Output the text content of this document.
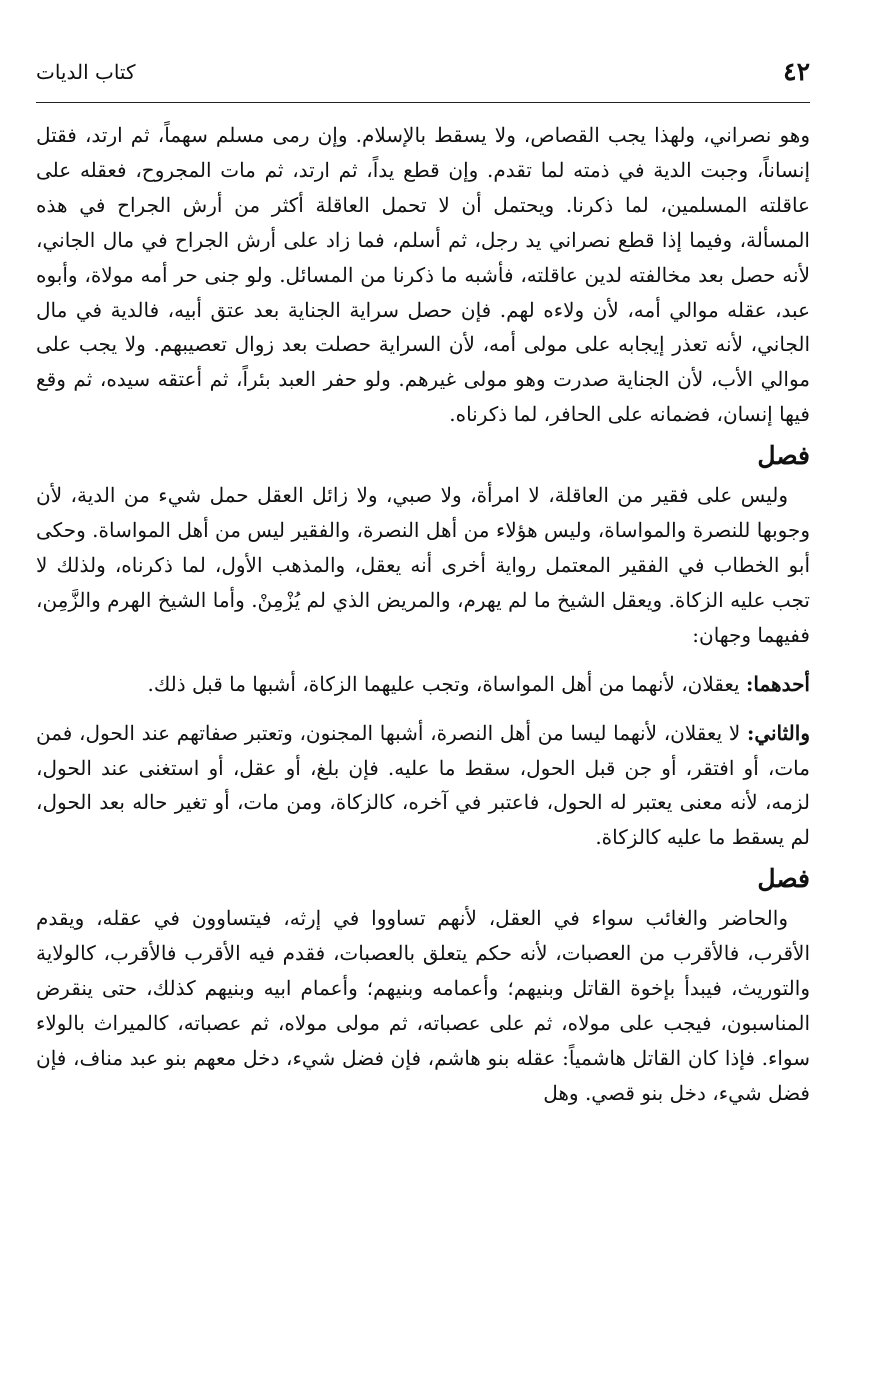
٤٢
كتاب الديات

وهو نصراني، ولهذا يجب القصاص، ولا يسقط بالإسلام. وإن رمى مسلم سهماً، ثم ارتد، فقتل إنساناً، وجبت الدية في ذمته لما تقدم. وإن قطع يداً، ثم ارتد، ثم مات المجروح، فعقله على عاقلته المسلمين، لما ذكرنا. ويحتمل أن لا تحمل العاقلة أكثر من أرش الجراح في هذه المسألة، وفيما إذا قطع نصراني يد رجل، ثم أسلم، فما زاد على أرش الجراح في مال الجاني، لأنه حصل بعد مخالفته لدين عاقلته، فأشبه ما ذكرنا من المسائل. ولو جنى حر أمه مولاة، وأبوه عبد، عقله موالي أمه، لأن ولاءه لهم. فإن حصل سراية الجناية بعد عتق أبيه، فالدية في مال الجاني، لأنه تعذر إيجابه على مولى أمه، لأن السراية حصلت بعد زوال تعصيبهم. ولا يجب على موالي الأب، لأن الجناية صدرت وهو مولى غيرهم. ولو حفر العبد بئراً، ثم أعتقه سيده، ثم وقع فيها إنسان، فضمانه على الحافر، لما ذكرناه.

فصل

وليس على فقير من العاقلة، لا امرأة، ولا صبي، ولا زائل العقل حمل شيء من الدية، لأن وجوبها للنصرة والمواساة، وليس هؤلاء من أهل النصرة، والفقير ليس من أهل المواساة. وحكى أبو الخطاب في الفقير المعتمل رواية أخرى أنه يعقل، والمذهب الأول، لما ذكرناه، ولذلك لا تجب عليه الزكاة. ويعقل الشيخ ما لم يهرم، والمريض الذي لم يُزْمِنْ. وأما الشيخ الهرم والزَّمِن، ففيهما وجهان:

أحدهما: يعقلان، لأنهما من أهل المواساة، وتجب عليهما الزكاة، أشبها ما قبل ذلك.

والثاني: لا يعقلان، لأنهما ليسا من أهل النصرة، أشبها المجنون، وتعتبر صفاتهم عند الحول، فمن مات، أو افتقر، أو جن قبل الحول، سقط ما عليه. فإن بلغ، أو عقل، أو استغنى عند الحول، لزمه، لأنه معنى يعتبر له الحول، فاعتبر في آخره، كالزكاة، ومن مات، أو تغير حاله بعد الحول، لم يسقط ما عليه كالزكاة.

فصل

والحاضر والغائب سواء في العقل، لأنهم تساووا في إرثه، فيتساوون في عقله، ويقدم الأقرب، فالأقرب من العصبات، لأنه حكم يتعلق بالعصبات، فقدم فيه الأقرب فالأقرب، كالولاية والتوريث، فيبدأ بإخوة القاتل وبنيهم؛ وأعمامه وبنيهم؛ وأعمام ابيه وبنيهم كذلك، حتى ينقرض المناسبون، فيجب على مولاه، ثم على عصباته، ثم مولى مولاه، ثم عصباته، كالميراث بالولاء سواء. فإذا كان القاتل هاشمياً: عقله بنو هاشم، فإن فضل شيء، دخل معهم بنو عبد مناف، فإن فضل شيء، دخل بنو قصي. وهل
